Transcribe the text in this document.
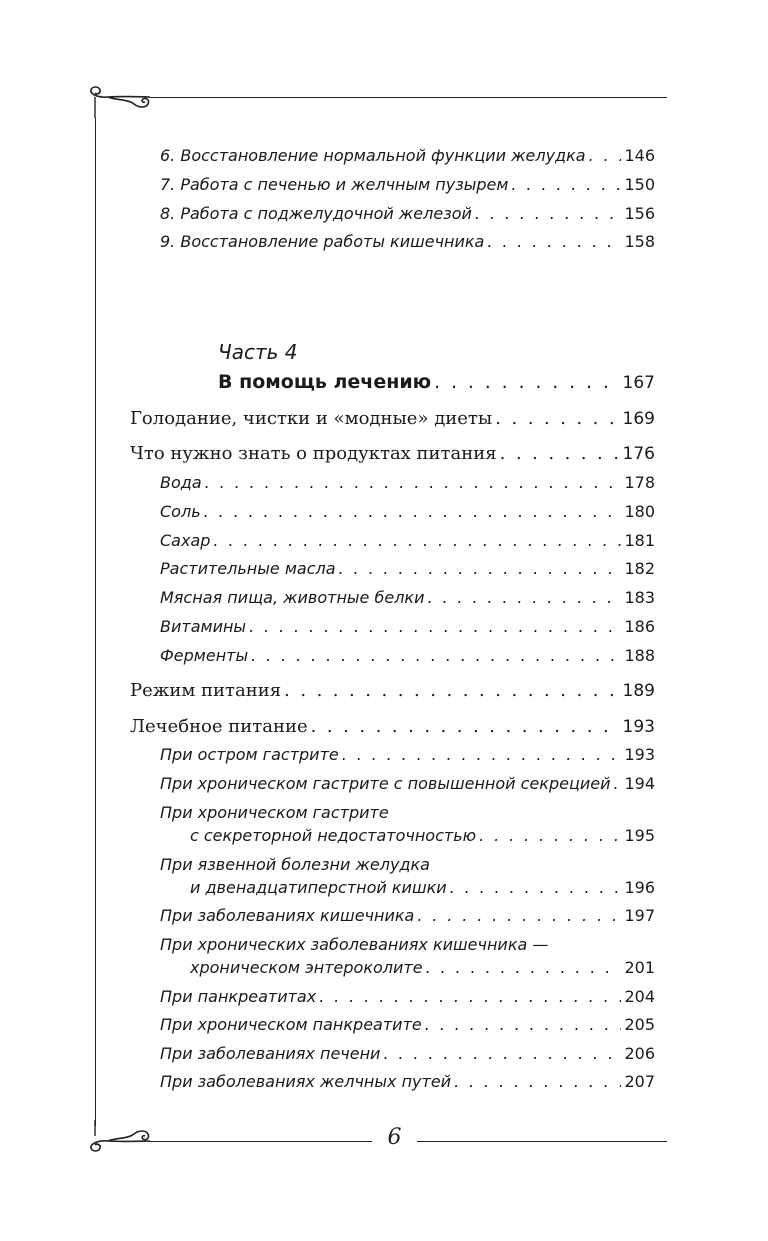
6
6. Восстановление нормальной функции желудка . . . 146
7. Работа с печенью и желчным пузырем . . .	150
8. Работа с поджелудочной железой . . .	156
9. Восстановление работы кишечника . . .	158
Часть 4
В помощь лечению . . .	167
Голодание, чистки и «модные» диеты . . .	169
Что нужно знать о продуктах питания . . .	176
Вода . . .	178
Соль . . .	180
Сахар . . .	181
Растительные масла . . .	182
Мясная пища, животные белки . . .	183
Витамины . . .	186
Ферменты . . .	188
Режим питания . . .	189
Лечебное питание . . .	193
При остром гастрите . . .	193
При хроническом гастрите с повышенной секрецией . . . 194
При хроническом гастрите
с секреторной недостаточностью . . .	195
При язвенной болезни желудка
и двенадцатиперстной кишки . . .	196
При заболеваниях кишечника . . .	197
При хронических заболеваниях кишечника —
хроническом энтероколите . . .	201
При панкреатитах . . .	204
При хроническом панкреатите . . .	205
При заболеваниях печени . . .	206
При заболеваниях желчных путей . . .	207
